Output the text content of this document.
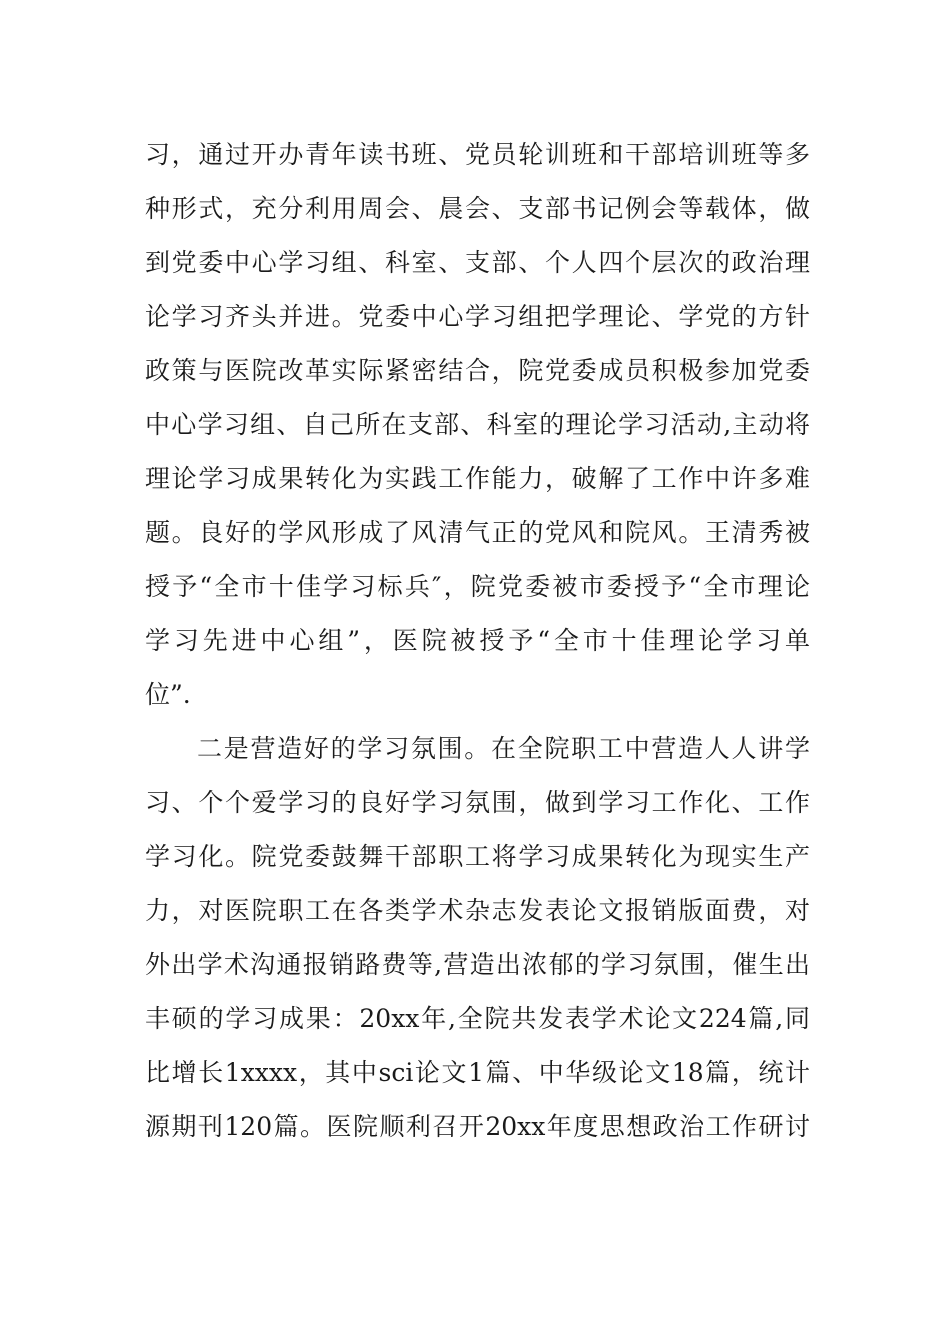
习，通过开办青年读书班、党员轮训班和干部培训班等多
种形式，充分利用周会、晨会、支部书记例会等载体，做
到党委中心学习组、科室、支部、个人四个层次的政治理
论学习齐头并进。党委中心学习组把学理论、学党的方针
政策与医院改革实际紧密结合，院党委成员积极参加党委
中心学习组、自己所在支部、科室的理论学习活动,主动将
理论学习成果转化为实践工作能力，破解了工作中许多难
题。良好的学风形成了风清气正的党风和院风。王清秀被
授予“全市十佳学习标兵″，院党委被市委授予“全市理论
学习先进中心组”，医院被授予“全市十佳理论学习单
位”.
二是营造好的学习氛围。在全院职工中营造人人讲学
习、个个爱学习的良好学习氛围，做到学习工作化、工作
学习化。院党委鼓舞干部职工将学习成果转化为现实生产
力，对医院职工在各类学术杂志发表论文报销版面费，对
外出学术沟通报销路费等,营造出浓郁的学习氛围，催生出
丰硕的学习成果：20xx年,全院共发表学术论文224篇,同
比增长1xxxx，其中sci论文1篇、中华级论文18篇，统计
源期刊120篇。医院顺利召开20xx年度思想政治工作研讨
